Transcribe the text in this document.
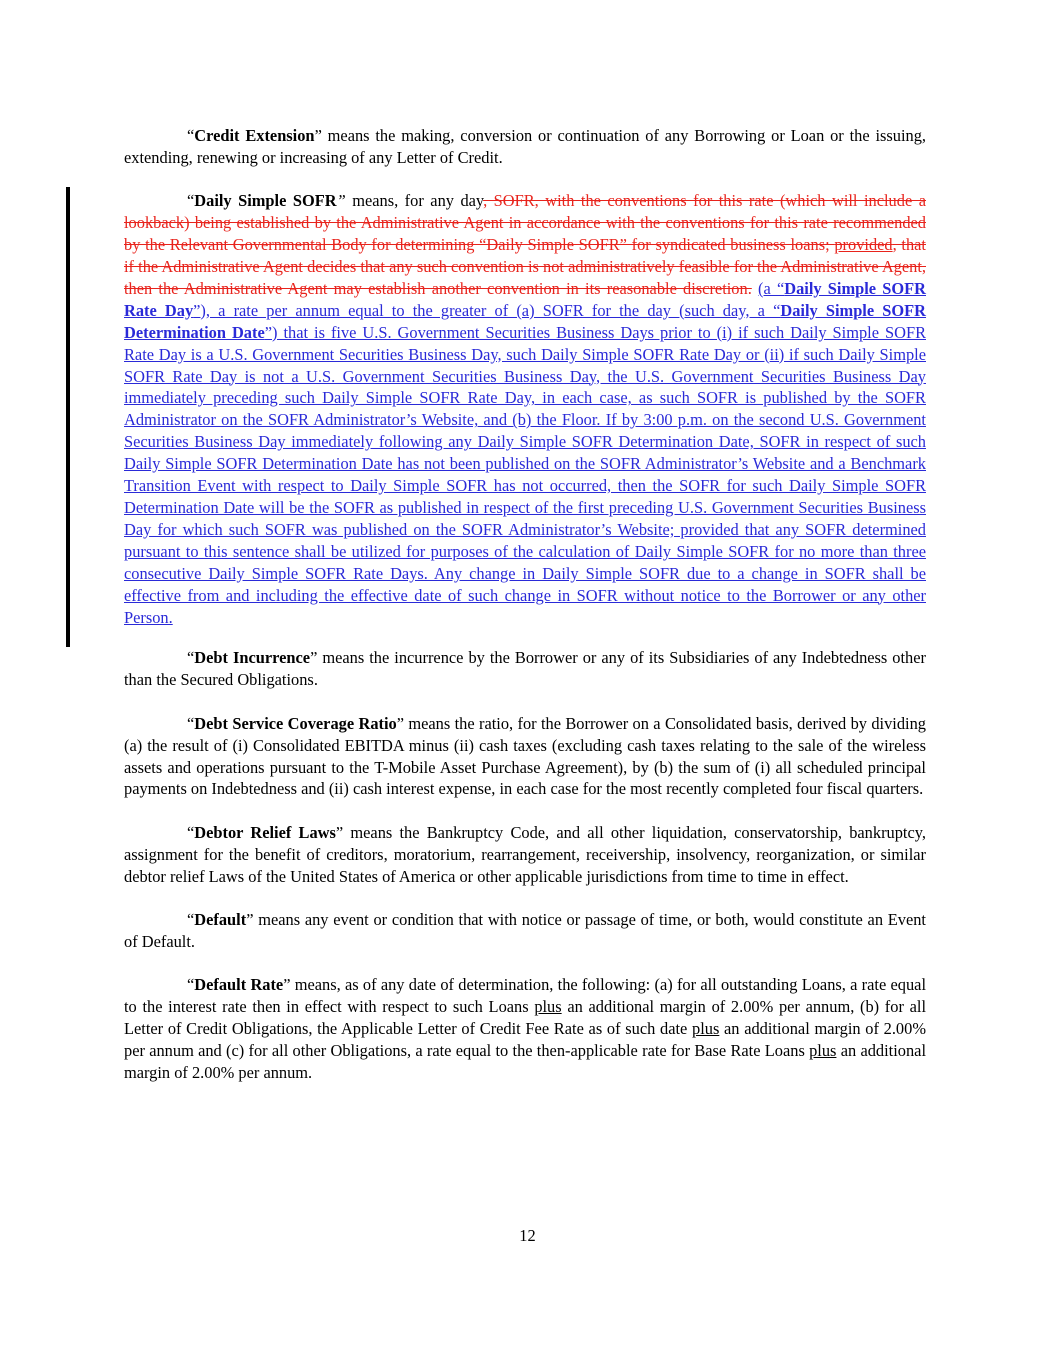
“Credit Extension” means the making, conversion or continuation of any Borrowing or Loan or the issuing, extending, renewing or increasing of any Letter of Credit.

“Daily Simple SOFR” means, for any day, SOFR, with the conventions for this rate (which will include a lookback) being established by the Administrative Agent in accordance with the conventions for this rate recommended by the Relevant Governmental Body for determining “Daily Simple SOFR” for syndicated business loans; provided, that if the Administrative Agent decides that any such convention is not administratively feasible for the Administrative Agent, then the Administrative Agent may establish another convention in its reasonable discretion. (a “Daily Simple SOFR Rate Day”), a rate per annum equal to the greater of (a) SOFR for the day (such day, a “Daily Simple SOFR Determination Date”) that is five U.S. Government Securities Business Days prior to (i) if such Daily Simple SOFR Rate Day is a U.S. Government Securities Business Day, such Daily Simple SOFR Rate Day or (ii) if such Daily Simple SOFR Rate Day is not a U.S. Government Securities Business Day, the U.S. Government Securities Business Day immediately preceding such Daily Simple SOFR Rate Day, in each case, as such SOFR is published by the SOFR Administrator on the SOFR Administrator’s Website, and (b) the Floor. If by 3:00 p.m. on the second U.S. Government Securities Business Day immediately following any Daily Simple SOFR Determination Date, SOFR in respect of such Daily Simple SOFR Determination Date has not been published on the SOFR Administrator’s Website and a Benchmark Transition Event with respect to Daily Simple SOFR has not occurred, then the SOFR for such Daily Simple SOFR Determination Date will be the SOFR as published in respect of the first preceding U.S. Government Securities Business Day for which such SOFR was published on the SOFR Administrator’s Website; provided that any SOFR determined pursuant to this sentence shall be utilized for purposes of the calculation of Daily Simple SOFR for no more than three consecutive Daily Simple SOFR Rate Days. Any change in Daily Simple SOFR due to a change in SOFR shall be effective from and including the effective date of such change in SOFR without notice to the Borrower or any other Person.

“Debt Incurrence” means the incurrence by the Borrower or any of its Subsidiaries of any Indebtedness other than the Secured Obligations.

“Debt Service Coverage Ratio” means the ratio, for the Borrower on a Consolidated basis, derived by dividing (a) the result of (i) Consolidated EBITDA minus (ii) cash taxes (excluding cash taxes relating to the sale of the wireless assets and operations pursuant to the T-Mobile Asset Purchase Agreement), by (b) the sum of (i) all scheduled principal payments on Indebtedness and (ii) cash interest expense, in each case for the most recently completed four fiscal quarters.

“Debtor Relief Laws” means the Bankruptcy Code, and all other liquidation, conservatorship, bankruptcy, assignment for the benefit of creditors, moratorium, rearrangement, receivership, insolvency, reorganization, or similar debtor relief Laws of the United States of America or other applicable jurisdictions from time to time in effect.

“Default” means any event or condition that with notice or passage of time, or both, would constitute an Event of Default.

“Default Rate” means, as of any date of determination, the following: (a) for all outstanding Loans, a rate equal to the interest rate then in effect with respect to such Loans plus an additional margin of 2.00% per annum, (b) for all Letter of Credit Obligations, the Applicable Letter of Credit Fee Rate as of such date plus an additional margin of 2.00% per annum and (c) for all other Obligations, a rate equal to the then-applicable rate for Base Rate Loans plus an additional margin of 2.00% per annum.

12
